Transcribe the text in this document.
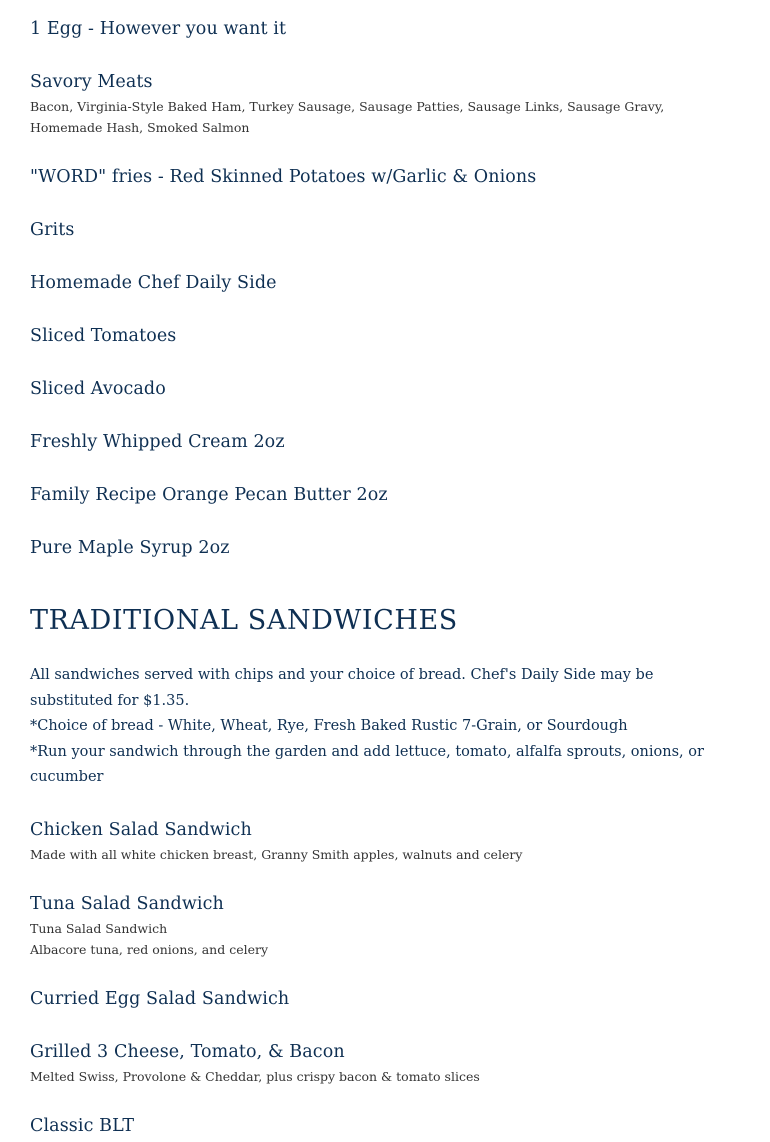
1 Egg - However you want it
Savory Meats
Bacon, Virginia-Style Baked Ham, Turkey Sausage, Sausage Patties, Sausage Links, Sausage Gravy, Homemade Hash, Smoked Salmon
"WORD" fries - Red Skinned Potatoes w/Garlic & Onions
Grits
Homemade Chef Daily Side
Sliced Tomatoes
Sliced Avocado
Freshly Whipped Cream 2oz
Family Recipe Orange Pecan Butter 2oz
Pure Maple Syrup 2oz
TRADITIONAL SANDWICHES
All sandwiches served with chips and your choice of bread. Chef's Daily Side may be substituted for $1.35.
*Choice of bread - White, Wheat, Rye, Fresh Baked Rustic 7-Grain, or Sourdough
*Run your sandwich through the garden and add lettuce, tomato, alfalfa sprouts, onions, or cucumber
Chicken Salad Sandwich
Made with all white chicken breast, Granny Smith apples, walnuts and celery
Tuna Salad Sandwich
Tuna Salad Sandwich
Albacore tuna, red onions, and celery
Curried Egg Salad Sandwich
Grilled 3 Cheese, Tomato, & Bacon
Melted Swiss, Provolone & Cheddar, plus crispy bacon & tomato slices
Classic BLT
